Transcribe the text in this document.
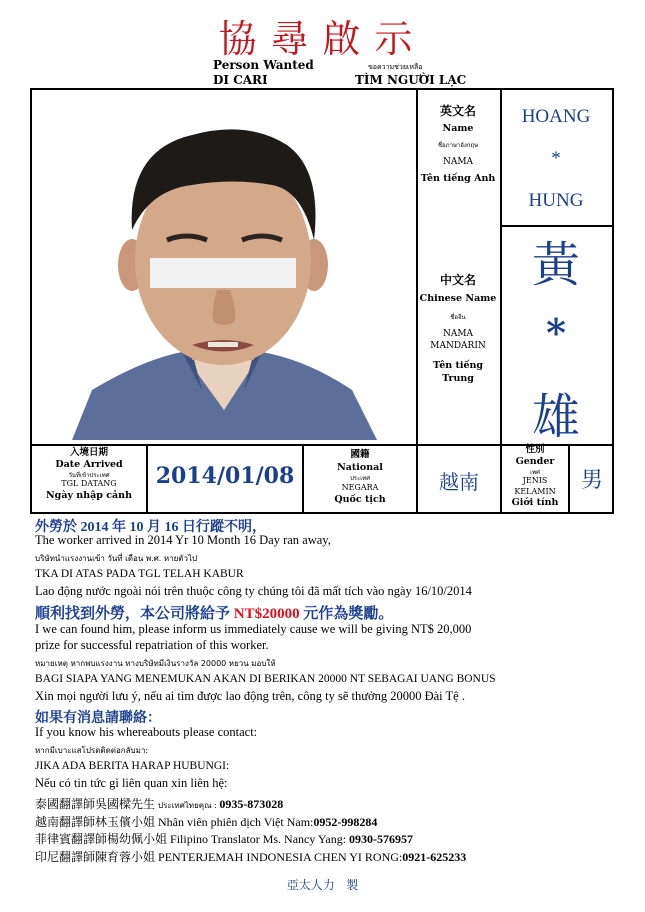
協尋啟示
Person Wanted
DI CARI
ขอความช่วยเหลือ
TÌM NGƯỜI LẠC
英文名
Name
ชื่อภาษาอังกฤษ
NAMA
Tên tiếng Anh
HOANG
*
HUNG
中文名
Chinese Name
ชื่อจีน
NAMA MANDARIN
Tên tiếng Trung
黃
*
雄
入境日期
Date Arrived
วันที่เข้าประเทศ
TGL DATANG
Ngày nhập cảnh
2014/01/08
國籍
National
ประเทศ
NEGARA
Quốc tịch
越南
性別
Gender
เพศ
JENIS KELAMIN
Giới tính
男
外勞於 2014 年 10 月 16 日行蹤不明，
The worker arrived in 2014 Yr 10 Month 16 Day ran away,
บริษัทนำแรงงานเข้า วันที่ เดือน พ.ศ. หายตัวไป
TKA DI ATAS PADA TGL TELAH KABUR
Lao động nước ngoài nói trên thuộc công ty chúng tôi đã mất tích vào ngày 16/10/2014
順利找到外勞，本公司將給予 NT$20000 元作為獎勵。
I we can found him, please inform us immediately cause we will be giving NT$ 20,000
prize for successful repatriation of this worker.
หมายเหตุ หากพบแรงงาน ทางบริษัทมีเงินรางวัล 20000 หยวน มอบให้
BAGI SIAPA YANG MENEMUKAN AKAN DI BERIKAN 20000 NT SEBAGAI UANG BONUS
Xin mọi người lưu ý, nếu ai tìm được lao động trên, công ty sẽ thưởng 20000 Đài Tệ .
如果有消息請聯絡：
If you know his whereabouts please contact:
หากมีเบาะแสโปรดติดต่อกลับมา:
JIKA ADA BERITA HARAP HUBUNGI:
Nếu có tin tức gì liên quan xin liên hệ:
泰國翻譯師吳國樑先生 ประเทศไทยคุณ : 0935-873028
越南翻譯師林玉儐小姐 Nhân viên phiên dịch Việt Nam:0952-998284
菲律賓翻譯師楊幼佩小姐 Filipino Translator Ms. Nancy Yang: 0930-576957
印尼翻譯師陳育蓉小姐 PENTERJEMAH INDONESIA CHEN YI RONG:0921-625233
亞太人力   製
